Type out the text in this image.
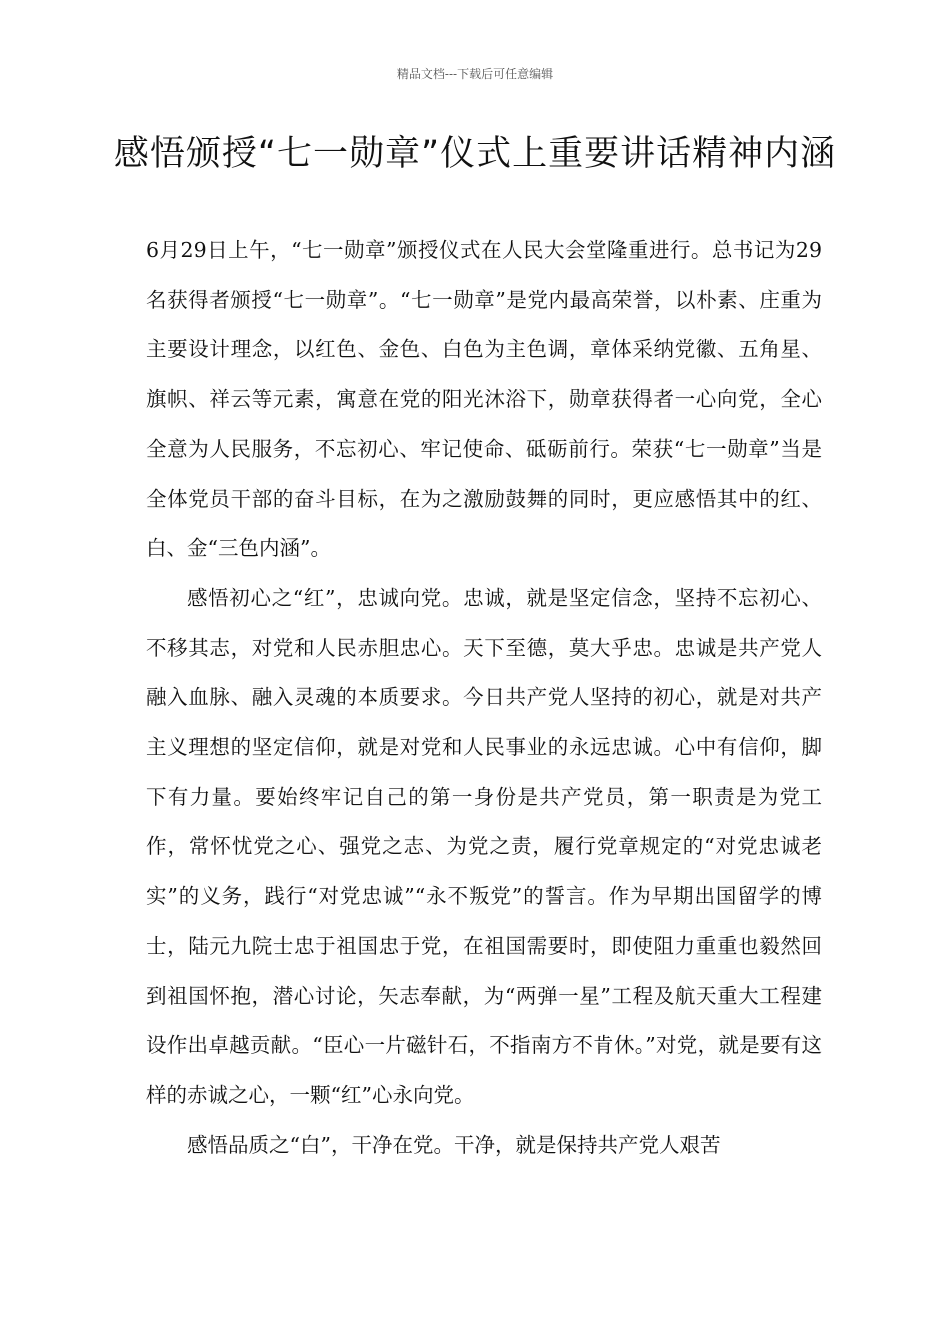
精品文档---下载后可任意编辑
感悟颁授“七一勋章”仪式上重要讲话精神内涵

6月29日上午，“七一勋章”颁授仪式在人民大会堂隆重进行。总书记为29名获得者颁授“七一勋章”。“七一勋章”是党内最高荣誉，以朴素、庄重为主要设计理念，以红色、金色、白色为主色调，章体采纳党徽、五角星、旗帜、祥云等元素，寓意在党的阳光沐浴下，勋章获得者一心向党，全心全意为人民服务，不忘初心、牢记使命、砥砺前行。荣获“七一勋章”当是全体党员干部的奋斗目标，在为之激励鼓舞的同时，更应感悟其中的红、白、金“三色内涵”。

感悟初心之“红”，忠诚向党。忠诚，就是坚定信念，坚持不忘初心、不移其志，对党和人民赤胆忠心。天下至德，莫大乎忠。忠诚是共产党人融入血脉、融入灵魂的本质要求。今日共产党人坚持的初心，就是对共产主义理想的坚定信仰，就是对党和人民事业的永远忠诚。心中有信仰，脚下有力量。要始终牢记自己的第一身份是共产党员，第一职责是为党工作，常怀忧党之心、强党之志、为党之责，履行党章规定的“对党忠诚老实”的义务，践行“对党忠诚”“永不叛党”的誓言。作为早期出国留学的博士，陆元九院士忠于祖国忠于党，在祖国需要时，即使阻力重重也毅然回到祖国怀抱，潜心讨论，矢志奉献，为“两弹一星”工程及航天重大工程建设作出卓越贡献。“臣心一片磁针石，不指南方不肯休。”对党，就是要有这样的赤诚之心，一颗“红”心永向党。

感悟品质之“白”，干净在党。干净，就是保持共产党人艰苦
